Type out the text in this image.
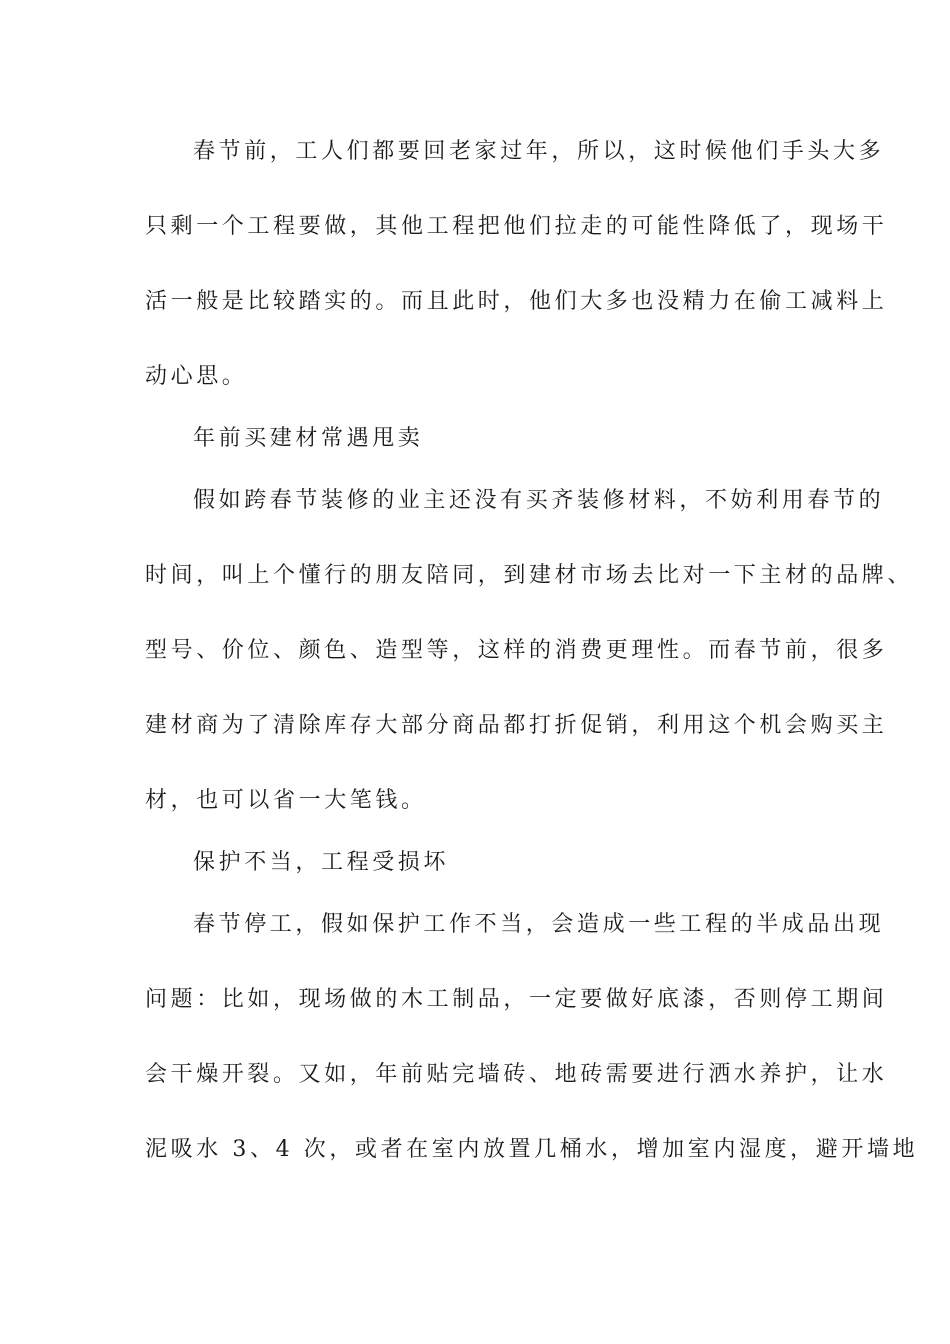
春节前，工人们都要回老家过年，所以，这时候他们手头大多
只剩一个工程要做，其他工程把他们拉走的可能性降低了，现场干
活一般是比较踏实的。而且此时，他们大多也没精力在偷工减料上
动心思。
年前买建材常遇甩卖
假如跨春节装修的业主还没有买齐装修材料，不妨利用春节的
时间，叫上个懂行的朋友陪同，到建材市场去比对一下主材的品牌、
型号、价位、颜色、造型等，这样的消费更理性。而春节前，很多
建材商为了清除库存大部分商品都打折促销，利用这个机会购买主
材，也可以省一大笔钱。
保护不当，工程受损坏
春节停工，假如保护工作不当，会造成一些工程的半成品出现
问题：比如，现场做的木工制品，一定要做好底漆，否则停工期间
会干燥开裂。又如，年前贴完墙砖、地砖需要进行洒水养护，让水
泥吸水 3、4 次，或者在室内放置几桶水，增加室内湿度，避开墙地
